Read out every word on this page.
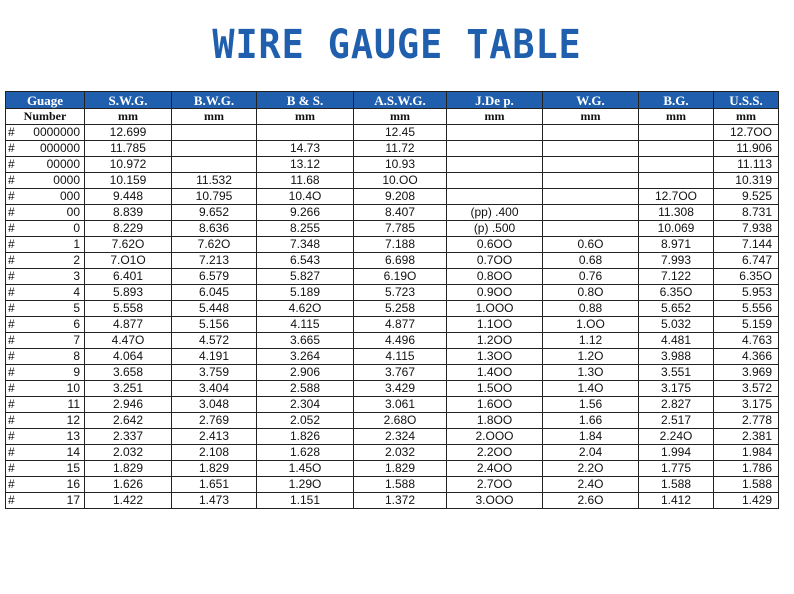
WIRE GAUGE TABLE
Guage		S.W.G.	B.W.G.	B & S.	A.S.W.G.	J.De p.	W.G.	B.G.	U.S.S.
Number		mm	mm	mm	mm	mm	mm	mm	mm
#	0000000	12.699			12.45				12.7OO
#	000000	11.785		14.73	11.72				11.906
#	00000	10.972		13.12	10.93				11.113
#	0000	10.159	11.532	11.68	10.OO				10.319
#	000	9.448	10.795	10.4O	9.208			12.7OO	9.525
#	00	8.839	9.652	9.266	8.407	(pp) .400		11.308	8.731
#	0	8.229	8.636	8.255	7.785	(p) .500		10.069	7.938
#	1	7.62O	7.62O	7.348	7.188	0.6OO	0.6O	8.971	7.144
#	2	7.O1O	7.213	6.543	6.698	0.7OO	0.68	7.993	6.747
#	3	6.401	6.579	5.827	6.19O	0.8OO	0.76	7.122	6.35O
#	4	5.893	6.045	5.189	5.723	0.9OO	0.8O	6.35O	5.953
#	5	5.558	5.448	4.62O	5.258	1.OOO	0.88	5.652	5.556
#	6	4.877	5.156	4.115	4.877	1.1OO	1.OO	5.032	5.159
#	7	4.47O	4.572	3.665	4.496	1.2OO	1.12	4.481	4.763
#	8	4.064	4.191	3.264	4.115	1.3OO	1.2O	3.988	4.366
#	9	3.658	3.759	2.906	3.767	1.4OO	1.3O	3.551	3.969
#	10	3.251	3.404	2.588	3.429	1.5OO	1.4O	3.175	3.572
#	11	2.946	3.048	2.304	3.061	1.6OO	1.56	2.827	3.175
#	12	2.642	2.769	2.052	2.68O	1.8OO	1.66	2.517	2.778
#	13	2.337	2.413	1.826	2.324	2.OOO	1.84	2.24O	2.381
#	14	2.032	2.108	1.628	2.032	2.2OO	2.04	1.994	1.984
#	15	1.829	1.829	1.45O	1.829	2.4OO	2.2O	1.775	1.786
#	16	1.626	1.651	1.29O	1.588	2.7OO	2.4O	1.588	1.588
#	17	1.422	1.473	1.151	1.372	3.OOO	2.6O	1.412	1.429
